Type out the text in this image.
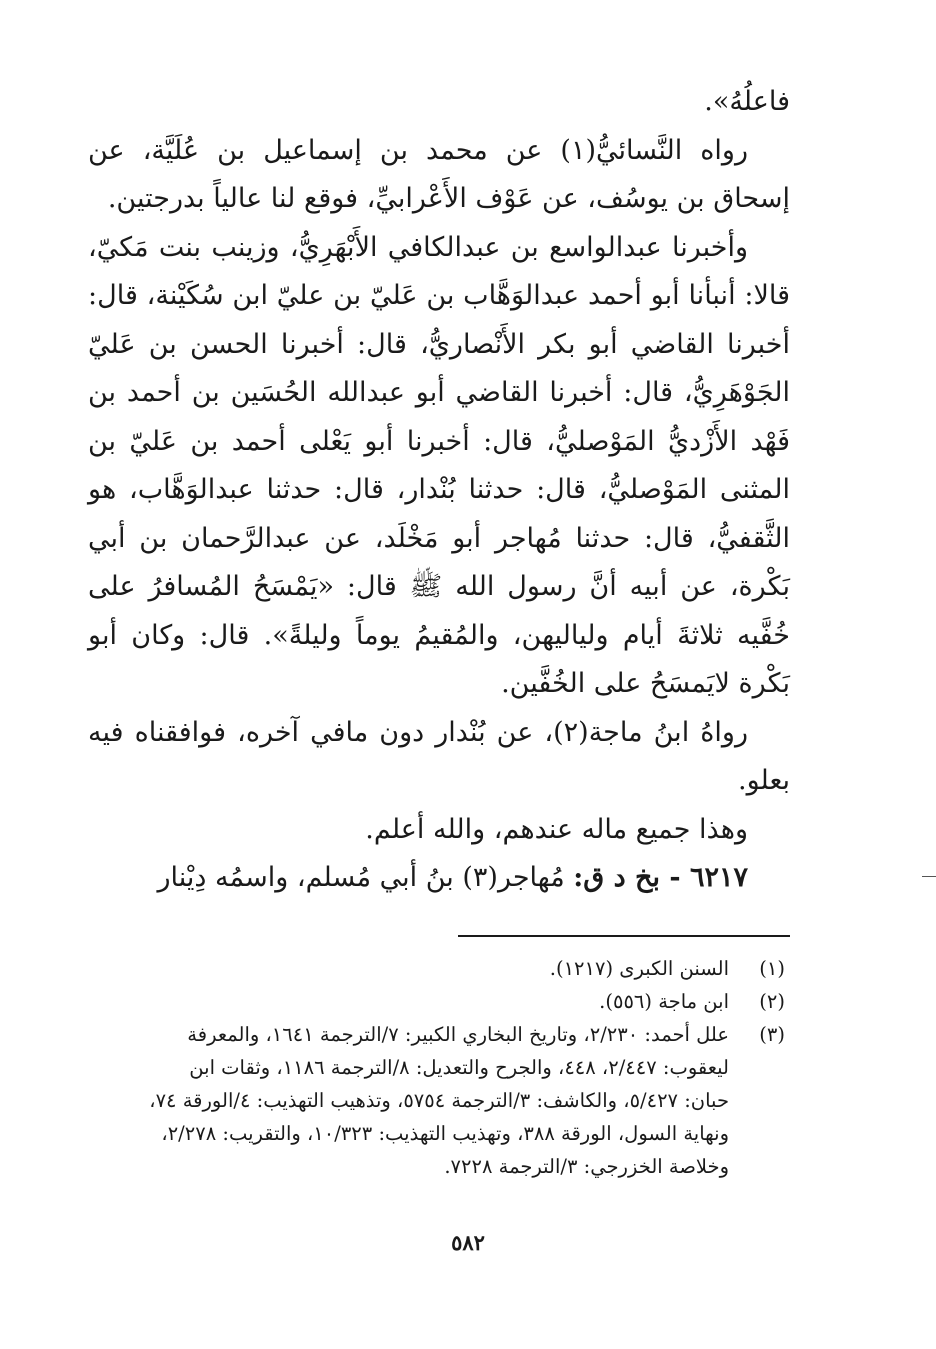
فاعلُهُ».

رواه النَّسائيُّ(١) عن محمد بن إسماعيل بن عُلَيَّة، عن إسحاق بن يوسُف، عن عَوْف الأَعْرابيِّ، فوقع لنا عالياً بدرجتين.

وأخبرنا عبدالواسع بن عبدالكافي الأَبْهَرِيُّ، وزينب بنت مَكيّ، قالا: أنبأنا أبو أحمد عبدالوَهَّاب بن عَليّ بن عليّ ابن سُكَيْنة، قال: أخبرنا القاضي أبو بكر الأَنْصاريُّ، قال: أخبرنا الحسن بن عَليّ الجَوْهَرِيُّ، قال: أخبرنا القاضي أبو عبدالله الحُسَين بن أحمد بن فَهْد الأَزْديُّ المَوْصليُّ، قال: أخبرنا أبو يَعْلى أحمد بن عَليّ بن المثنى المَوْصليُّ، قال: حدثنا بُنْدار، قال: حدثنا عبدالوَهَّاب، هو الثَّقفيُّ، قال: حدثنا مُهاجر أبو مَخْلَد، عن عبدالرَّحمان بن أبي بَكْرة، عن أبيه أنَّ رسول الله ﷺ قال: «يَمْسَحُ المُسافرُ على خُفَّيه ثلاثةَ أيام ولياليهن، والمُقيمُ يوماً وليلةً». قال: وكان أبو بَكْرة لايَمسَحُ على الخُفَّين.

رواهُ ابنُ ماجة(٢)، عن بُنْدار دون مافي آخره، فوافقناه فيه بعلو.

وهذا جميع ماله عندهم، والله أعلم.

٦٢١٧ - بخ د ق: مُهاجر(٣) بنُ أبي مُسلم، واسمُه دِيْنار

(١)
السنن الكبرى (١٢١٧).
(٢)
ابن ماجة (٥٥٦).
(٣)
علل أحمد: ٢/٢٣٠، وتاريخ البخاري الكبير: ٧/الترجمة ١٦٤١، والمعرفة
ليعقوب: ٢/٤٤٧، ٤٤٨، والجرح والتعديل: ٨/الترجمة ١١٨٦، وثقات ابن
حبان: ٥/٤٢٧، والكاشف: ٣/الترجمة ٥٧٥٤، وتذهيب التهذيب: ٤/الورقة ٧٤،
ونهاية السول، الورقة ٣٨٨، وتهذيب التهذيب: ١٠/٣٢٣، والتقريب: ٢/٢٧٨،
وخلاصة الخزرجي: ٣/الترجمة ٧٢٢٨.
٥٨٢
